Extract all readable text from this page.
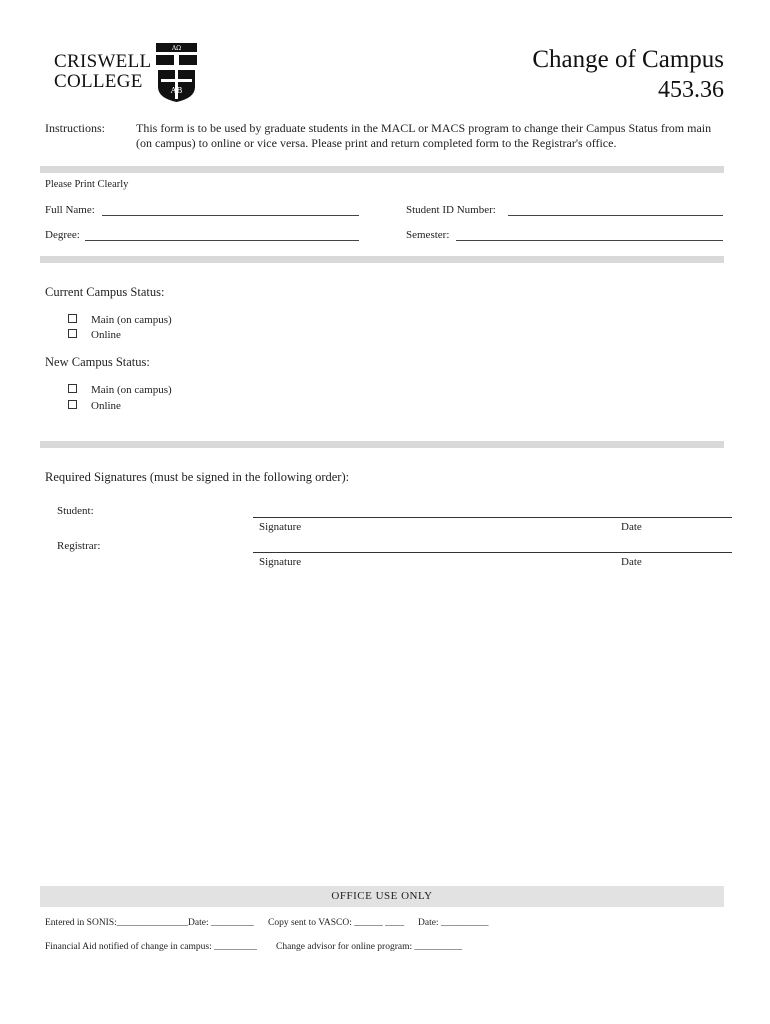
CRISWELL
COLLEGE
AΩ
AB
Change of Campus
453.36
Instructions:	This form is to be used by graduate students in the MACL or MACS program to change their Campus Status from main (on campus) to online or vice versa. Please print and return completed form to the Registrar's office.
Please Print Clearly
Full Name:	Student ID Number:
Degree:	Semester:
Current Campus Status:
Main (on campus)
Online
New Campus Status:
Main (on campus)
Online
Required Signatures (must be signed in the following order):
Student:
Signature	Date
Registrar:
Signature	Date
OFFICE USE ONLY
Entered in SONIS:_______________Date: _________ Copy sent to VASCO: ______ ____ Date: __________
Financial Aid notified of change in campus: _________ Change advisor for online program: __________
